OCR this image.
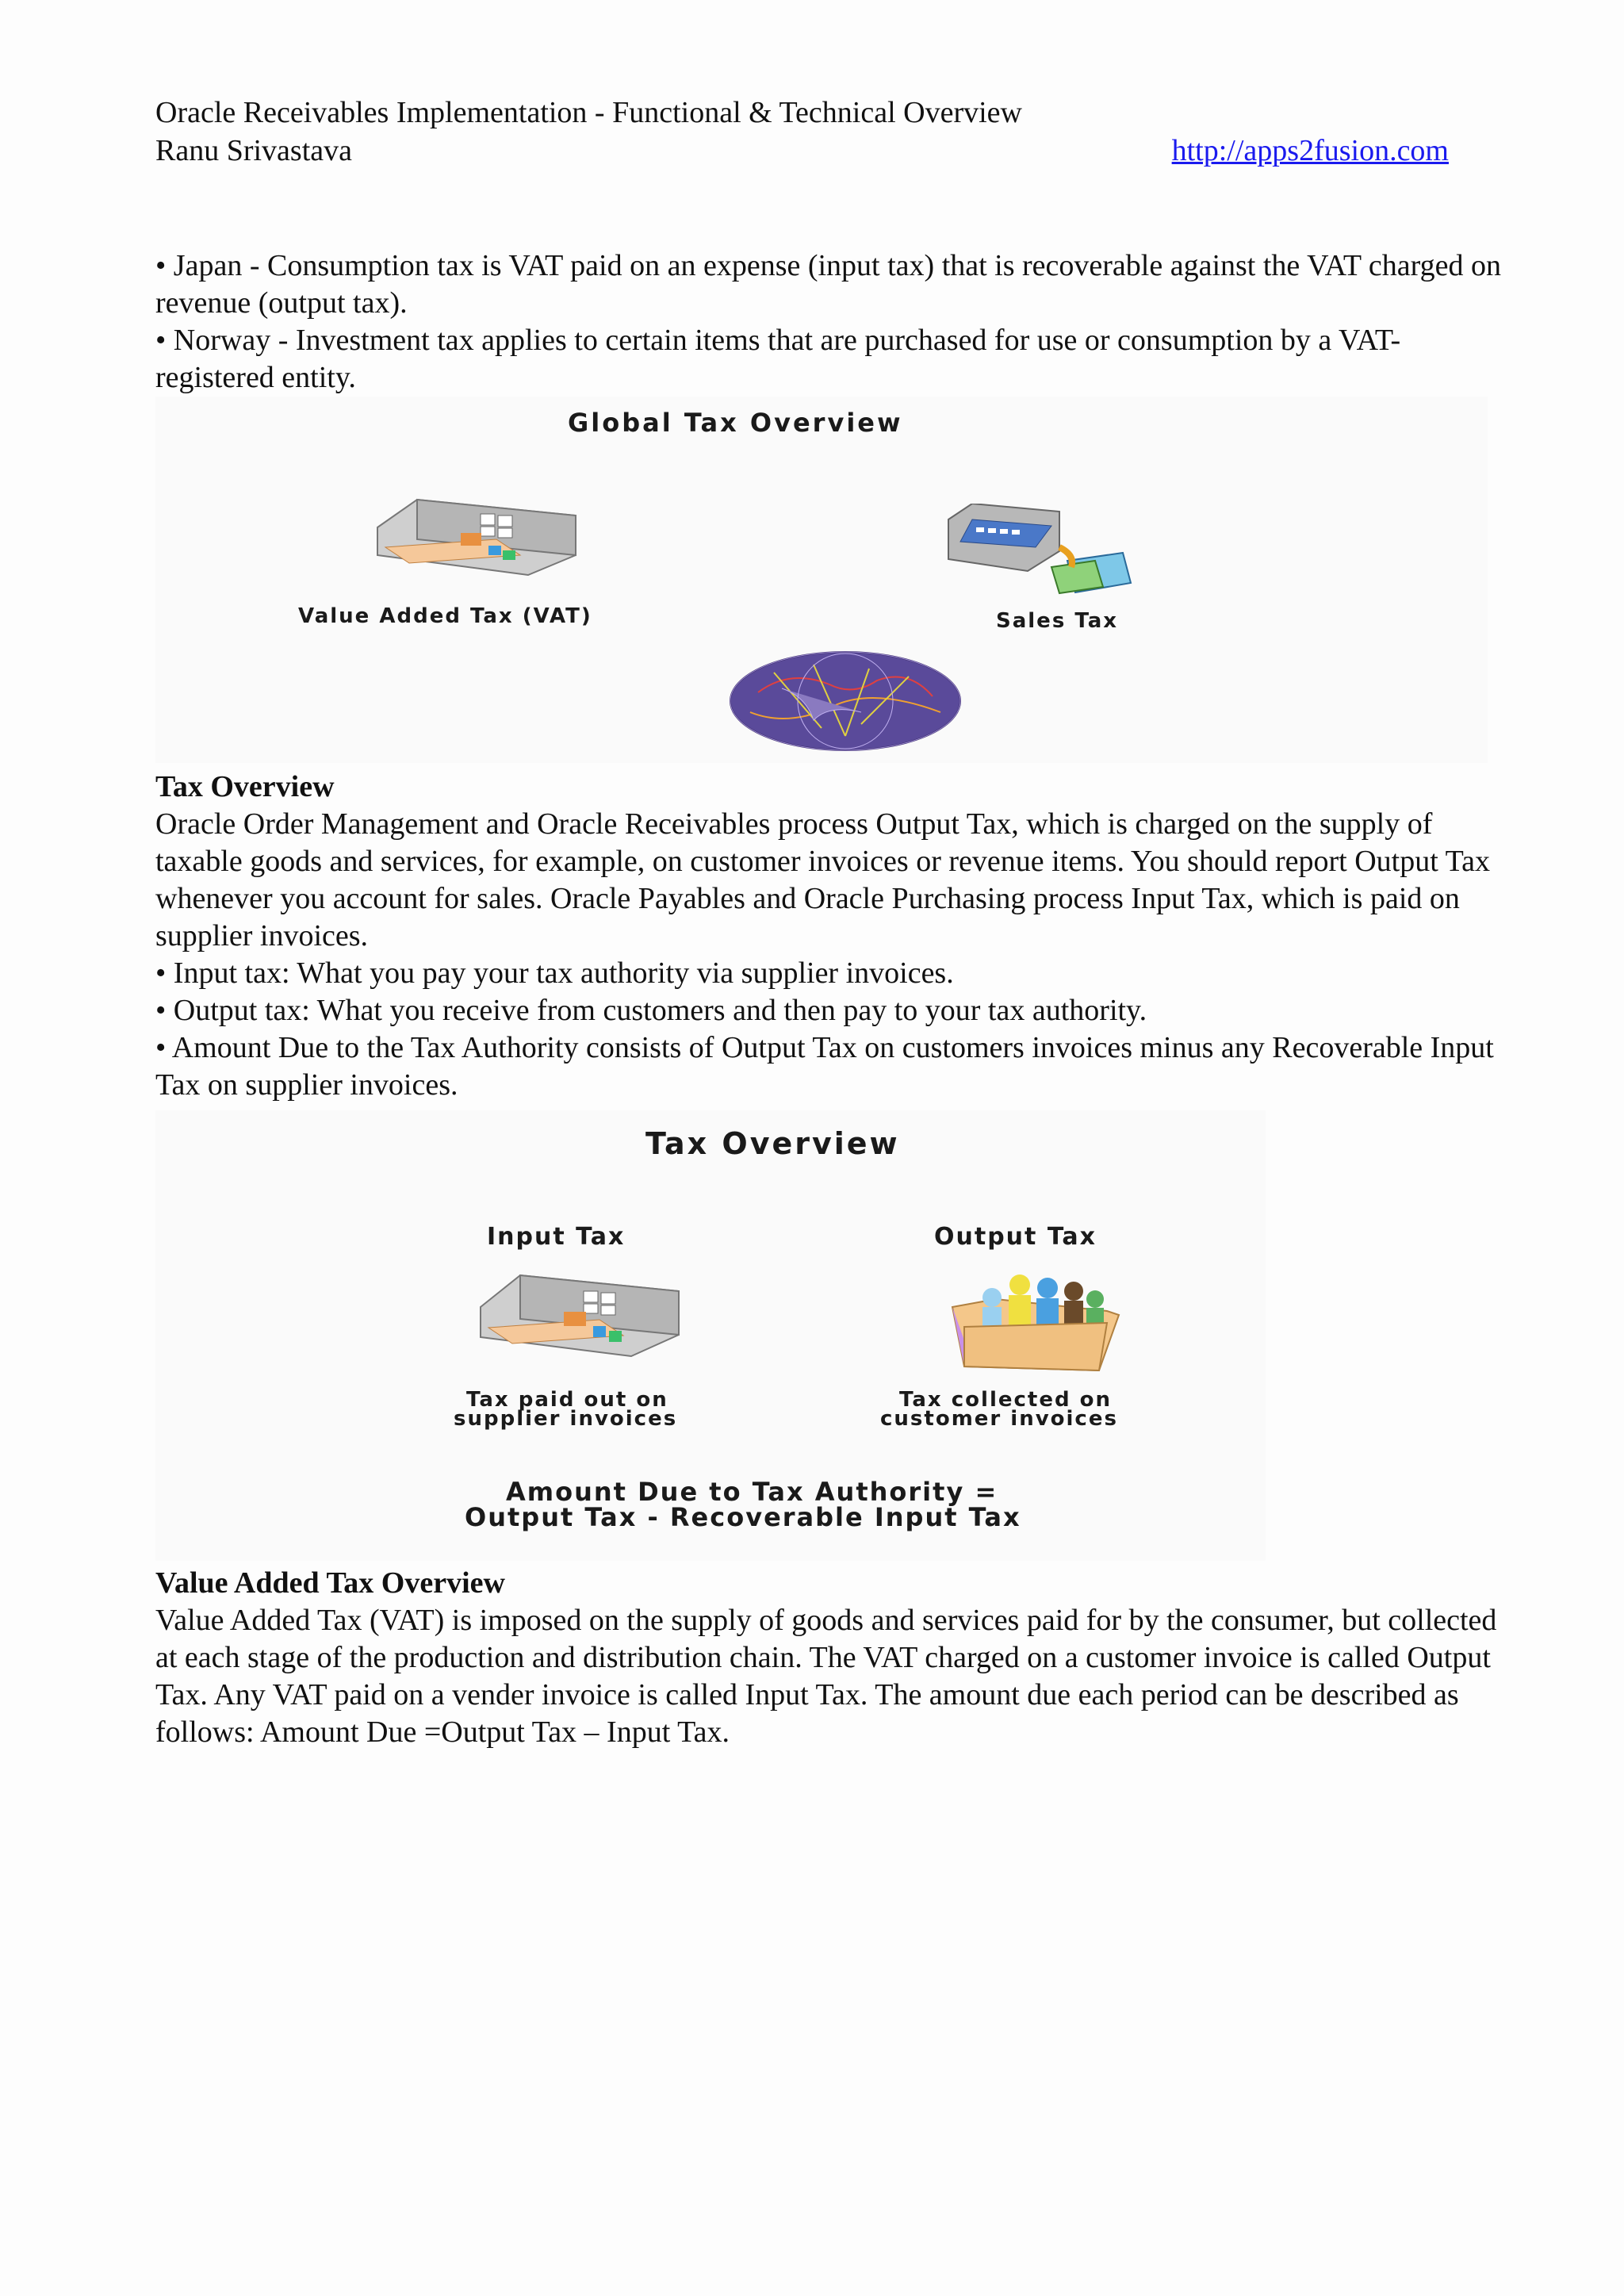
Oracle Receivables Implementation - Functional & Technical Overview
Ranu Srivastava	http://apps2fusion.com

• Japan - Consumption tax is VAT paid on an expense (input tax) that is recoverable against the VAT charged on revenue (output tax).

• Norway - Investment tax applies to certain items that are purchased for use or consumption by a VAT-registered entity.

Global Tax Overview
Value Added Tax (VAT)	Sales Tax

Tax Overview

Oracle Order Management and Oracle Receivables process Output Tax, which is charged on the supply of taxable goods and services, for example, on customer invoices or revenue items. You should report Output Tax whenever you account for sales. Oracle Payables and Oracle Purchasing process Input Tax, which is paid on supplier invoices.

• Input tax: What you pay your tax authority via supplier invoices.

• Output tax: What you receive from customers and then pay to your tax authority.

• Amount Due to the Tax Authority consists of Output Tax on customers invoices minus any Recoverable Input Tax on supplier invoices.

Tax Overview
Input Tax	Output Tax
Tax paid out on
supplier invoices
Tax collected on
customer invoices
Amount Due to Tax Authority =
Output Tax - Recoverable Input Tax

Value Added Tax Overview

Value Added Tax (VAT) is imposed on the supply of goods and services paid for by the consumer, but collected at each stage of the production and distribution chain. The VAT charged on a customer invoice is called Output Tax. Any VAT paid on a vender invoice is called Input Tax. The amount due each period can be described as follows: Amount Due =Output Tax – Input Tax.
